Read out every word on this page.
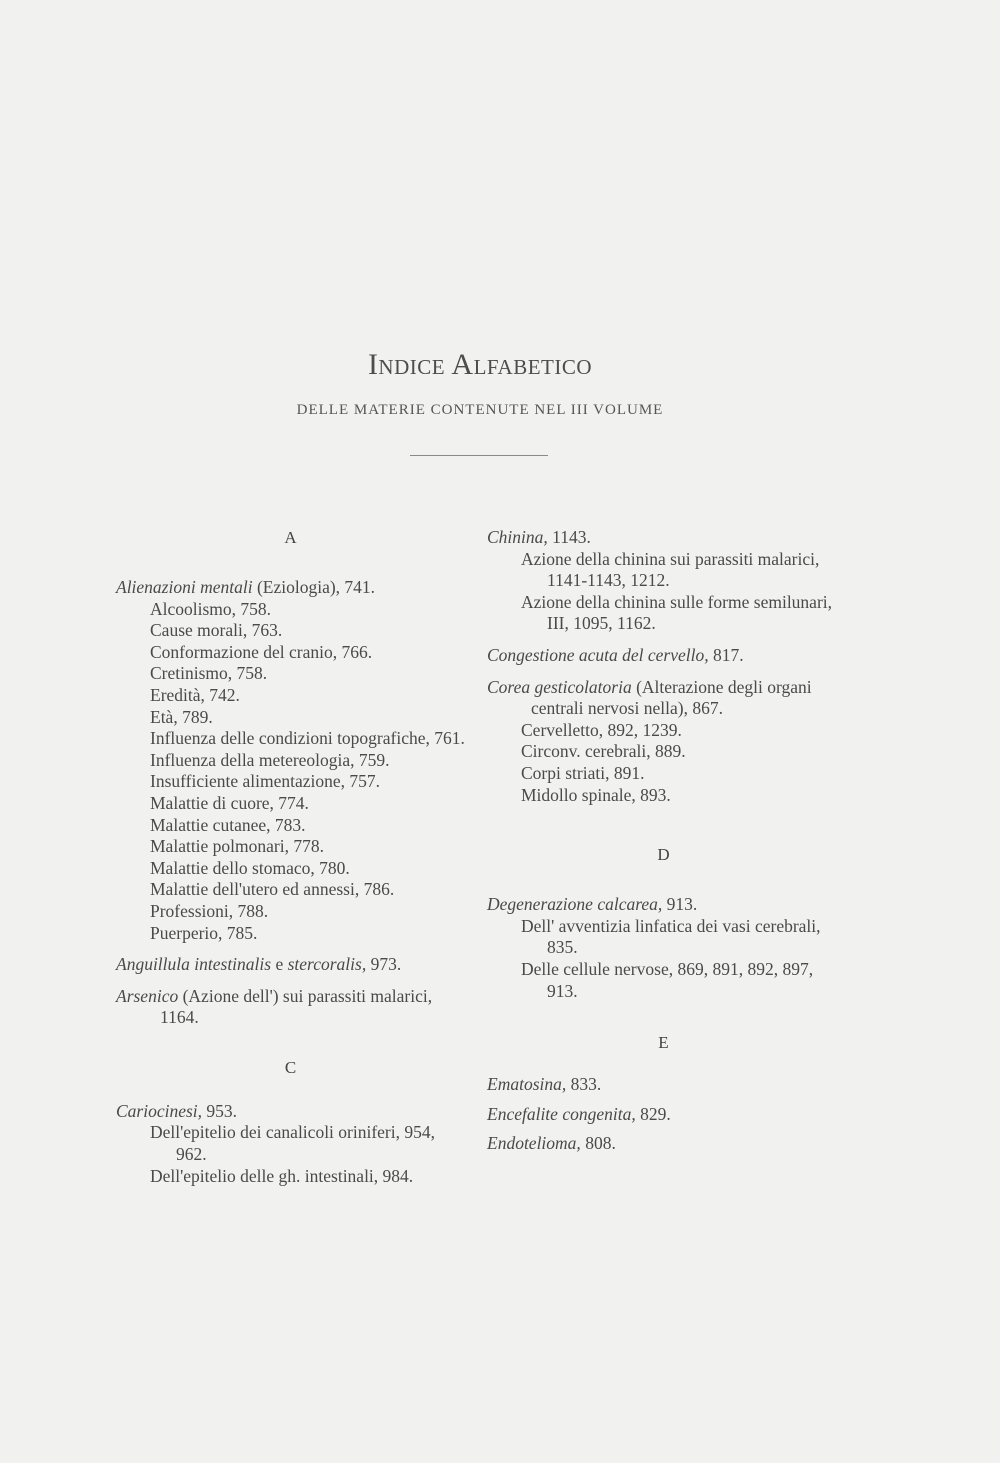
Indice Alfabetico
DELLE MATERIE CONTENUTE NEL III VOLUME
A
Alienazioni mentali (Eziologia), 741.
Alcoolismo, 758.
Cause morali, 763.
Conformazione del cranio, 766.
Cretinismo, 758.
Eredità, 742.
Età, 789.
Influenza delle condizioni topografiche, 761.
Influenza della metereologia, 759.
Insufficiente alimentazione, 757.
Malattie di cuore, 774.
Malattie cutanee, 783.
Malattie polmonari, 778.
Malattie dello stomaco, 780.
Malattie dell'utero ed annessi, 786.
Professioni, 788.
Puerperio, 785.
Anguillula intestinalis e stercoralis, 973.
Arsenico (Azione dell') sui parassiti malarici, 1164.
C
Cariocinesi, 953.
Dell'epitelio dei canalicoli oriniferi, 954, 962.
Dell'epitelio delle gh. intestinali, 984.
Chinina, 1143.
Azione della chinina sui parassiti malarici, 1141-1143, 1212.
Azione della chinina sulle forme semilunari, III, 1095, 1162.
Congestione acuta del cervello, 817.
Corea gesticolatoria (Alterazione degli organi centrali nervosi nella), 867.
Cervelletto, 892, 1239.
Circonv. cerebrali, 889.
Corpi striati, 891.
Midollo spinale, 893.
D
Degenerazione calcarea, 913.
Dell' avventizia linfatica dei vasi cerebrali, 835.
Delle cellule nervose, 869, 891, 892, 897, 913.
E
Ematosina, 833.
Encefalite congenita, 829.
Endotelioma, 808.
